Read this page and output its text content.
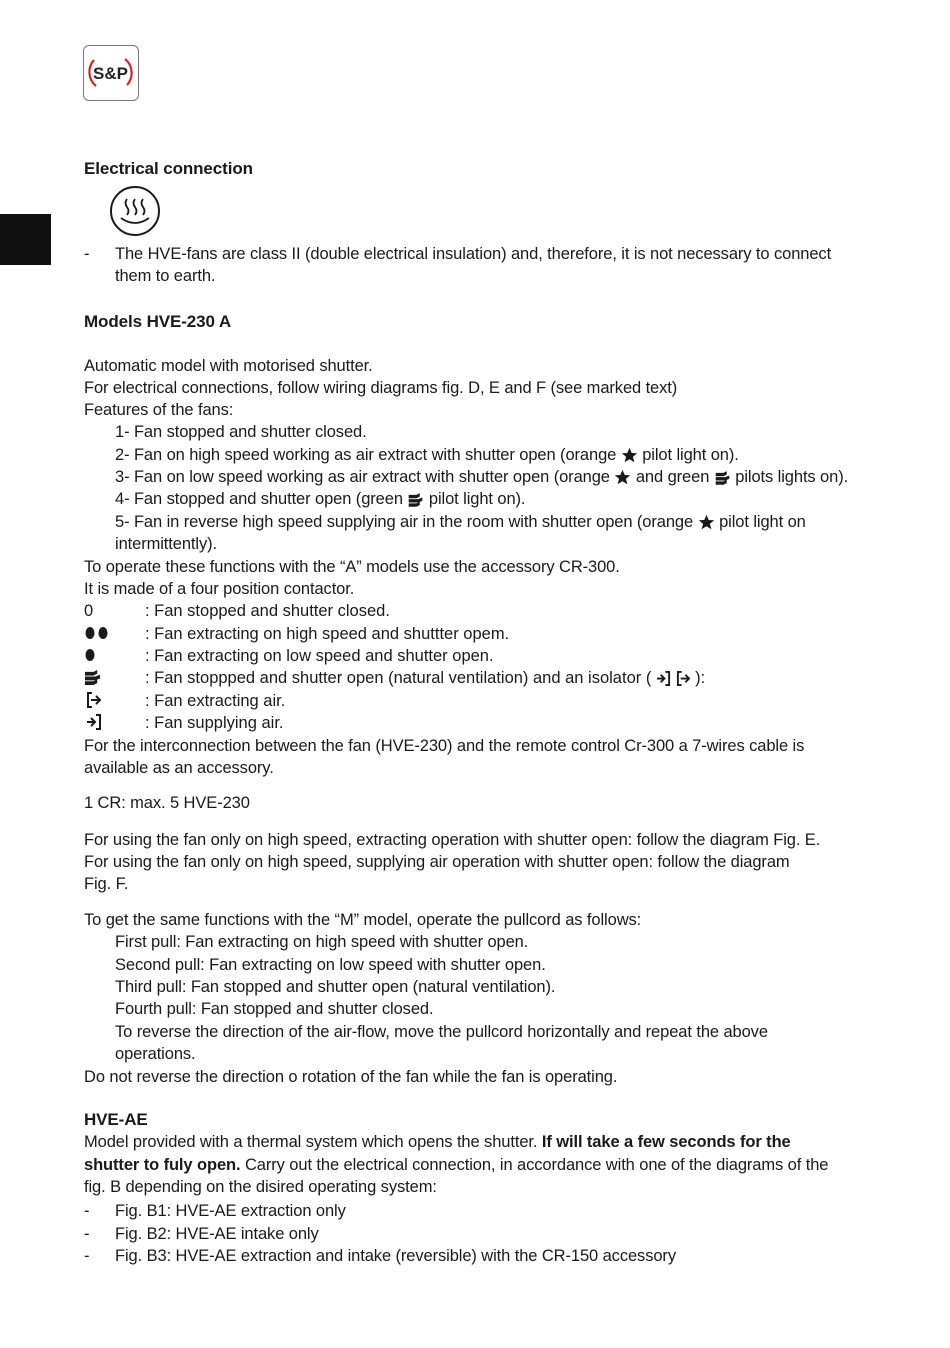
S&P
Electrical connection
- The HVE-fans are class II (double electrical insulation) and, therefore, it is not necessary to connect
them to earth.
Models HVE-230 A
Automatic model with motorised shutter.
For electrical connections, follow wiring diagrams fig. D, E and F (see marked text)
Features of the fans:
1- Fan stopped and shutter closed.
2- Fan on high speed working as air extract with shutter open (orange pilot light on).
3- Fan on low speed working as air extract with shutter open (orange and green pilots lights on).
4- Fan stopped and shutter open (green pilot light on).
5- Fan in reverse high speed supplying air in the room with shutter open (orange pilot light on
intermittently).
To operate these functions with the “A” models use the accessory CR-300.
It is made of a four position contactor.
0	: Fan stopped and shutter closed.
: Fan extracting on high speed and shuttter opem.
: Fan extracting on low speed and shutter open.
: Fan stoppped and shutter open (natural ventilation) and an isolator (	):
: Fan extracting air.
: Fan supplying air.
For the interconnection between the fan (HVE-230) and the remote control Cr-300 a 7-wires cable is
available as an accessory.
1 CR: max. 5 HVE-230
For using the fan only on high speed, extracting operation with shutter open: follow the diagram Fig. E.
For using the fan only on high speed, supplying air operation with shutter open: follow the diagram
Fig. F.
To get the same functions with the “M” model, operate the pullcord as follows:
First pull: Fan extracting on high speed with shutter open.
Second pull: Fan extracting on low speed with shutter open.
Third pull: Fan stopped and shutter open (natural ventilation).
Fourth pull: Fan stopped and shutter closed.
To reverse the direction of the air-flow, move the pullcord horizontally and repeat the above
operations.
Do not reverse the direction o rotation of the fan while the fan is operating.
HVE-AE
Model provided with a thermal system which opens the shutter. If will take a few seconds for the
shutter to fuly open. Carry out the electrical connection, in accordance with one of the diagrams of the
fig. B depending on the disired operating system:
- Fig. B1: HVE-AE extraction only
- Fig. B2: HVE-AE intake only
- Fig. B3: HVE-AE extraction and intake (reversible) with the CR-150 accessory
